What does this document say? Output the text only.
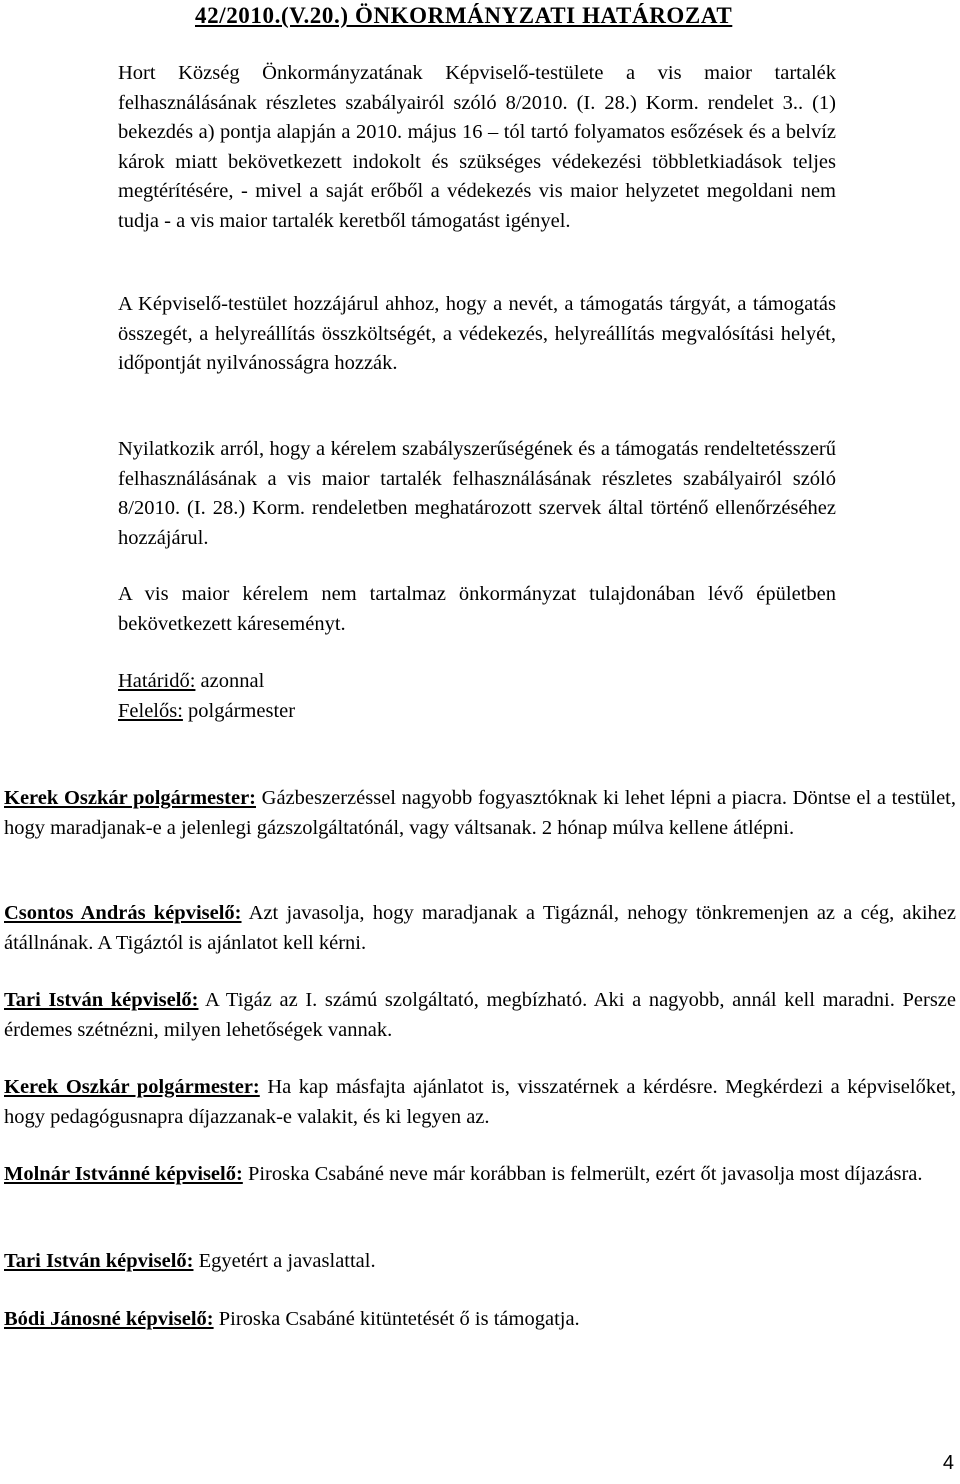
42/2010.(V.20.) ÖNKORMÁNYZATI HATÁROZAT

Hort Község Önkormányzatának Képviselő-testülete a vis maior tartalék felhasználásának részletes szabályairól szóló 8/2010. (I. 28.) Korm. rendelet 3.. (1) bekezdés a) pontja alapján a 2010. május 16 – tól tartó folyamatos esőzések és a belvíz károk miatt bekövetkezett indokolt és szükséges védekezési többletkiadások teljes megtérítésére, - mivel a saját erőből a védekezés vis maior helyzetet megoldani nem tudja - a vis maior tartalék keretből támogatást igényel.

A Képviselő-testület hozzájárul ahhoz, hogy a nevét, a támogatás tárgyát, a támogatás összegét, a helyreállítás összköltségét, a védekezés, helyreállítás megvalósítási helyét, időpontját nyilvánosságra hozzák.

Nyilatkozik arról, hogy a kérelem szabályszerűségének és a támogatás rendeltetésszerű felhasználásának a vis maior tartalék felhasználásának részletes szabályairól szóló 8/2010. (I. 28.) Korm. rendeletben meghatározott szervek által történő ellenőrzéséhez hozzájárul.

A vis maior kérelem nem tartalmaz önkormányzat tulajdonában lévő épületben bekövetkezett káreseményt.

Határidő: azonnal

Felelős: polgármester

Kerek Oszkár polgármester: Gázbeszerzéssel nagyobb fogyasztóknak ki lehet lépni a piacra. Döntse el a testület, hogy maradjanak-e a jelenlegi gázszolgáltatónál, vagy váltsanak. 2 hónap múlva kellene átlépni.

Csontos András képviselő: Azt javasolja, hogy maradjanak a Tigáznál, nehogy tönkremenjen az a cég, akihez átállnának. A Tigáztól is ajánlatot kell kérni.

Tari István képviselő: A Tigáz az I. számú szolgáltató, megbízható. Aki a nagyobb, annál kell maradni. Persze érdemes szétnézni, milyen lehetőségek vannak.

Kerek Oszkár polgármester: Ha kap másfajta ajánlatot is, visszatérnek a kérdésre. Megkérdezi a képviselőket, hogy pedagógusnapra díjazzanak-e valakit, és ki legyen az.

Molnár Istvánné képviselő: Piroska Csabáné neve már korábban is felmerült, ezért őt javasolja most díjazásra.

Tari István képviselő: Egyetért a javaslattal.

Bódi Jánosné képviselő: Piroska Csabáné kitüntetését ő is támogatja.

4
